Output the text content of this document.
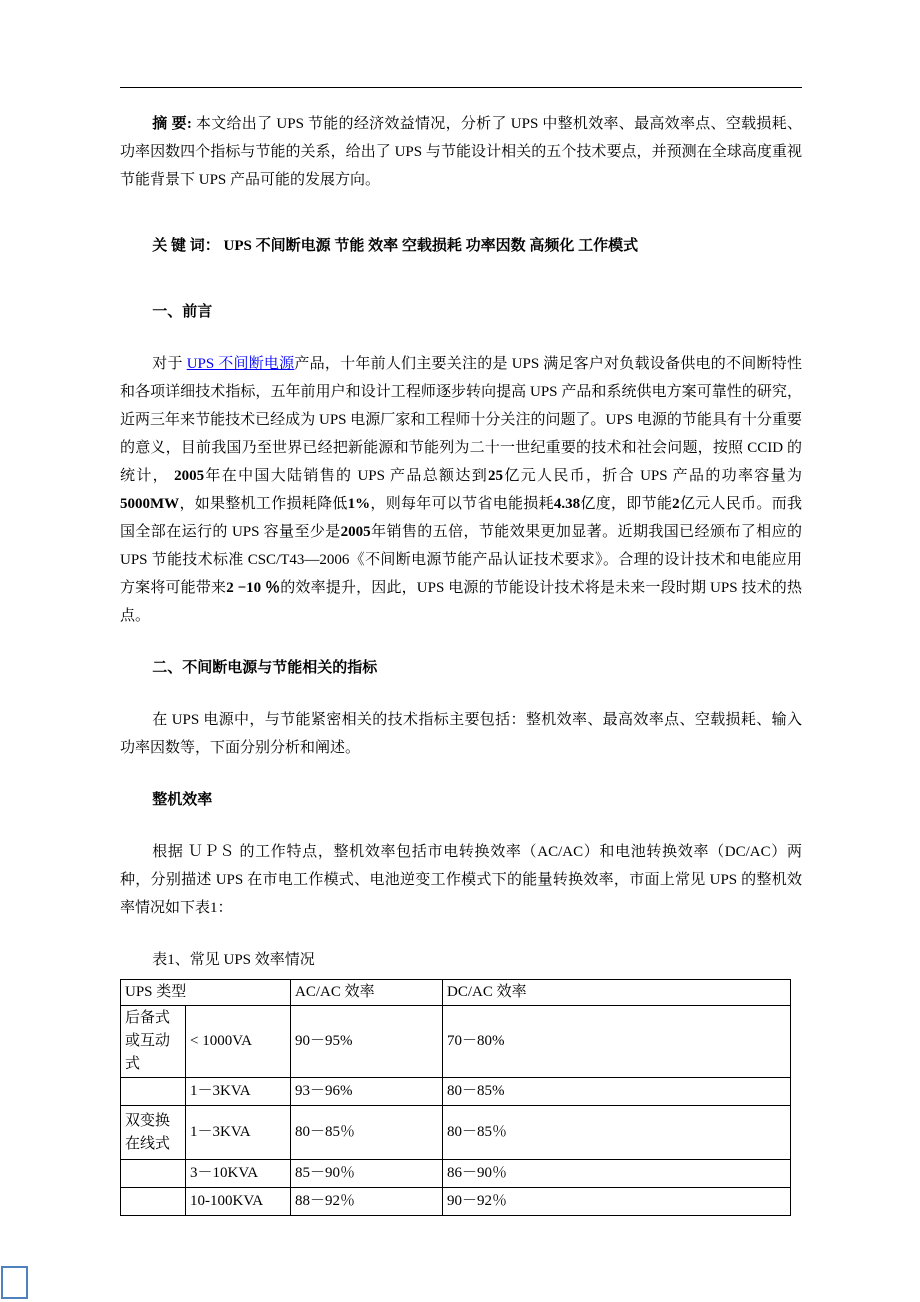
摘 要: 本文给出了 UPS 节能的经济效益情况，分析了 UPS 中整机效率、最高效率点、空载损耗、功率因数四个指标与节能的关系，给出了 UPS 与节能设计相关的五个技术要点，并预测在全球高度重视节能背景下 UPS 产品可能的发展方向。

关 键 词： UPS 不间断电源 节能 效率 空载损耗 功率因数 高频化 工作模式

一、前言

对于 UPS 不间断电源产品，十年前人们主要关注的是 UPS 满足客户对负载设备供电的不间断特性和各项详细技术指标，五年前用户和设计工程师逐步转向提高 UPS 产品和系统供电方案可靠性的研究，近两三年来节能技术已经成为 UPS 电源厂家和工程师十分关注的问题了。UPS 电源的节能具有十分重要的意义，目前我国乃至世界已经把新能源和节能列为二十一世纪重要的技术和社会问题，按照 CCID 的统计， 2005年在中国大陆销售的 UPS 产品总额达到25亿元人民币，折合 UPS 产品的功率容量为 5000MW，如果整机工作损耗降低1%，则每年可以节省电能损耗4.38亿度，即节能2亿元人民币。而我国全部在运行的 UPS 容量至少是2005年销售的五倍，节能效果更加显著。近期我国已经颁布了相应的 UPS 节能技术标准 CSC/T43—2006《不间断电源节能产品认证技术要求》。合理的设计技术和电能应用方案将可能带来2 −10 ％的效率提升，因此，UPS 电源的节能设计技术将是未来一段时期 UPS 技术的热点。

二、不间断电源与节能相关的指标

在 UPS 电源中，与节能紧密相关的技术指标主要包括：整机效率、最高效率点、空载损耗、输入功率因数等，下面分别分析和阐述。

整机效率

根据 ＵＰＳ 的工作特点，整机效率包括市电转换效率（AC/AC）和电池转换效率（DC/AC）两种，分别描述 UPS 在市电工作模式、电池逆变工作模式下的能量转换效率，市面上常见 UPS 的整机效率情况如下表1：

表1、常见 UPS 效率情况

UPS 类型		AC/AC 效率	DC/AC 效率
后备式或互动式	< 1000VA	90－95%	70－80%
	1－3KVA	93－96%	80－85%
双变换在线式	1－3KVA	80－85％	80－85％
	3－10KVA	85－90％	86－90％
	10-100KVA	88－92％	90－92％
